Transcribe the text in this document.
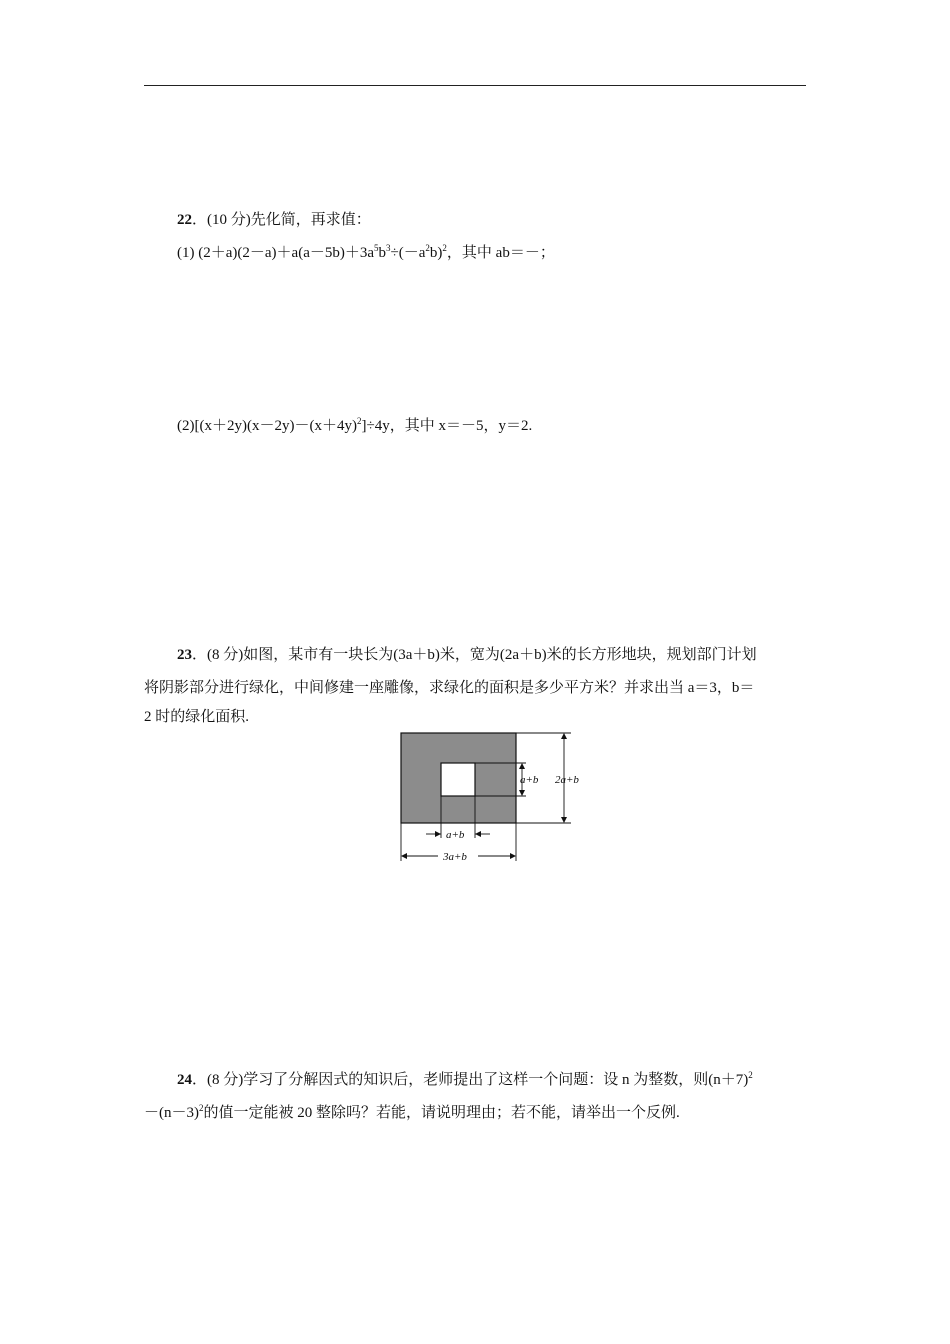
22．(10 分)先化简，再求值：
(1) $(2+a)(2-a)+a(a-5b)+3a^5b^3\div(-a^2b)^2$，其中 ab＝－；
$(2)[(x+2y)(x-2y)-(x+4y)^2]\div 4y$，其中 x＝－5，y＝2.
23．(8 分)如图，某市有一块长为(3a＋b)米，宽为(2a＋b)米的长方形地块，规划部门计划
将阴影部分进行绿化，中间修建一座雕像，求绿化的面积是多少平方米？并求出当 a＝3，b＝
2 时的绿化面积.
a+b 2a+b
a+b
3a+b
24．(8 分)学习了分解因式的知识后，老师提出了这样一个问题：设 n 为整数，则$(n+7)^2$
$-(n-3)^2$的值一定能被 20 整除吗？若能，请说明理由；若不能，请举出一个反例.
